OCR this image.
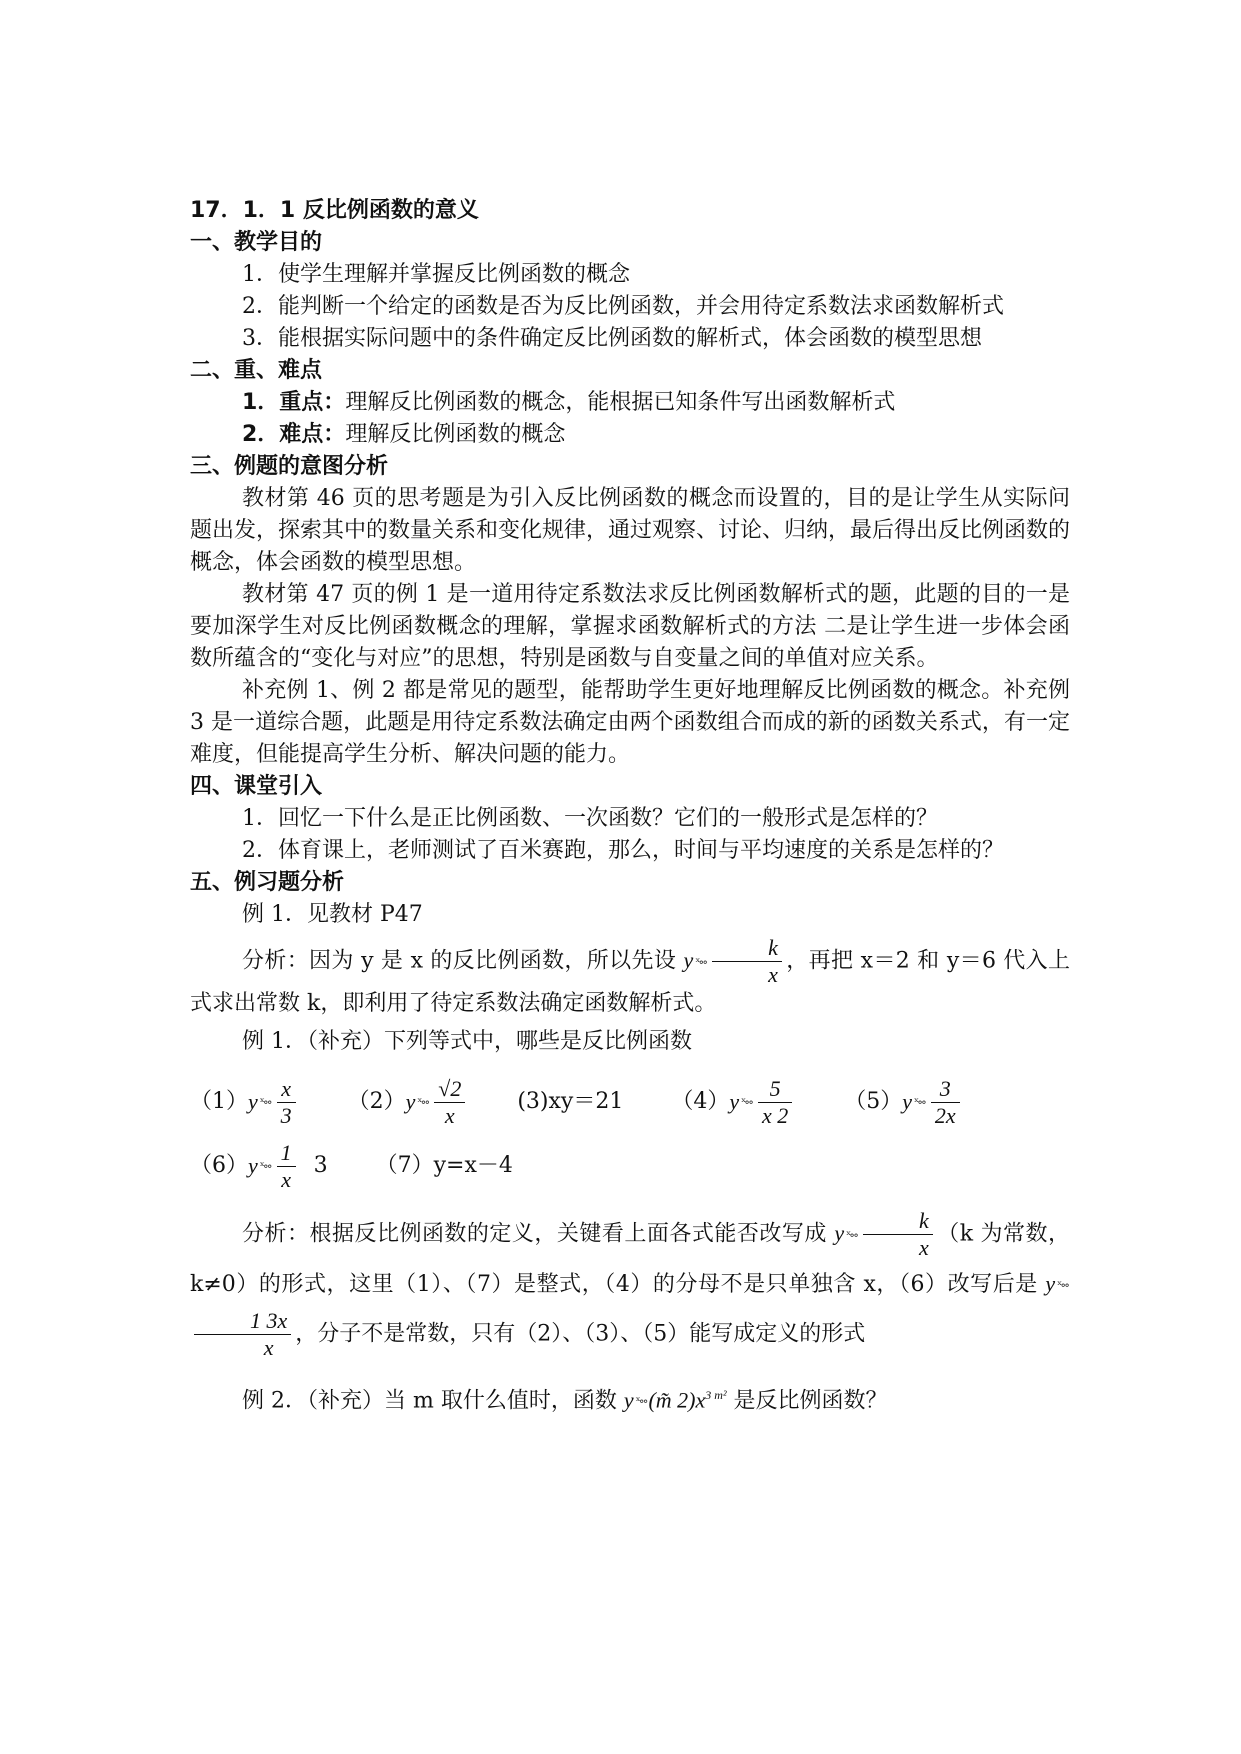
17．1．1 反比例函数的意义

一、教学目的

1．使学生理解并掌握反比例函数的概念

2．能判断一个给定的函数是否为反比例函数，并会用待定系数法求函数解析式

3．能根据实际问题中的条件确定反比例函数的解析式，体会函数的模型思想

二、重、难点

1．重点：理解反比例函数的概念，能根据已知条件写出函数解析式

2．难点：理解反比例函数的概念

三、例题的意图分析

教材第 46 页的思考题是为引入反比例函数的概念而设置的，目的是让学生从实际问题出发，探索其中的数量关系和变化规律，通过观察、讨论、归纳，最后得出反比例函数的概念，体会函数的模型思想。

教材第 47 页的例 1 是一道用待定系数法求反比例函数解析式的题，此题的目的一是要加深学生对反比例函数概念的理解，掌握求函数解析式的方法 二是让学生进一步体会函数所蕴含的“变化与对应”的思想，特别是函数与自变量之间的单值对应关系。

补充例 1、例 2 都是常见的题型，能帮助学生更好地理解反比例函数的概念。补充例 3 是一道综合题，此题是用待定系数法确定由两个函数组合而成的新的函数关系式，有一定难度，但能提高学生分析、解决问题的能力。

四、课堂引入

1．回忆一下什么是正比例函数、一次函数？它们的一般形式是怎样的？

2．体育课上，老师测试了百米赛跑，那么，时间与平均速度的关系是怎样的？

五、例习题分析

例 1．见教材 P47

分析：因为 y 是 x 的反比例函数，所以先设 y ˣ∘∘ $\frac{k}{x}$ ，再把 x＝2 和 y＝6 代入上式求出常数 k，即利用了待定系数法确定函数解析式。

例 1．（补充）下列等式中，哪些是反比例函数

（1） y ˣ∘∘ $\frac{x}{3} (2)$ y ˣ∘∘ $\frac{√2}{x} (3)xy=21$ （4） y ˣ∘∘ $\frac{5}{x 2} (5)$ y ˣ∘∘ $\frac{3}{2x}$
（6） y ˣ∘∘ $\frac{1}{x} 3$ （7）y=x－4

分析：根据反比例函数的定义，关键看上面各式能否改写成 y ˣ∘∘ $\frac{k}{x} (k$ 为常数，k≠0）的形式，这里（1）、（7）是整式，（4）的分母不是只单独含 x，（6）改写后是 y ˣ∘∘
$\frac{1 3x}{x}$ ，分子不是常数，只有（2）、（3）、（5）能写成定义的形式

例 2．（补充）当 m 取什么值时，函数 y ˣ∘∘(m̃ $2)x^{3 m^2}$ 是反比例函数？
